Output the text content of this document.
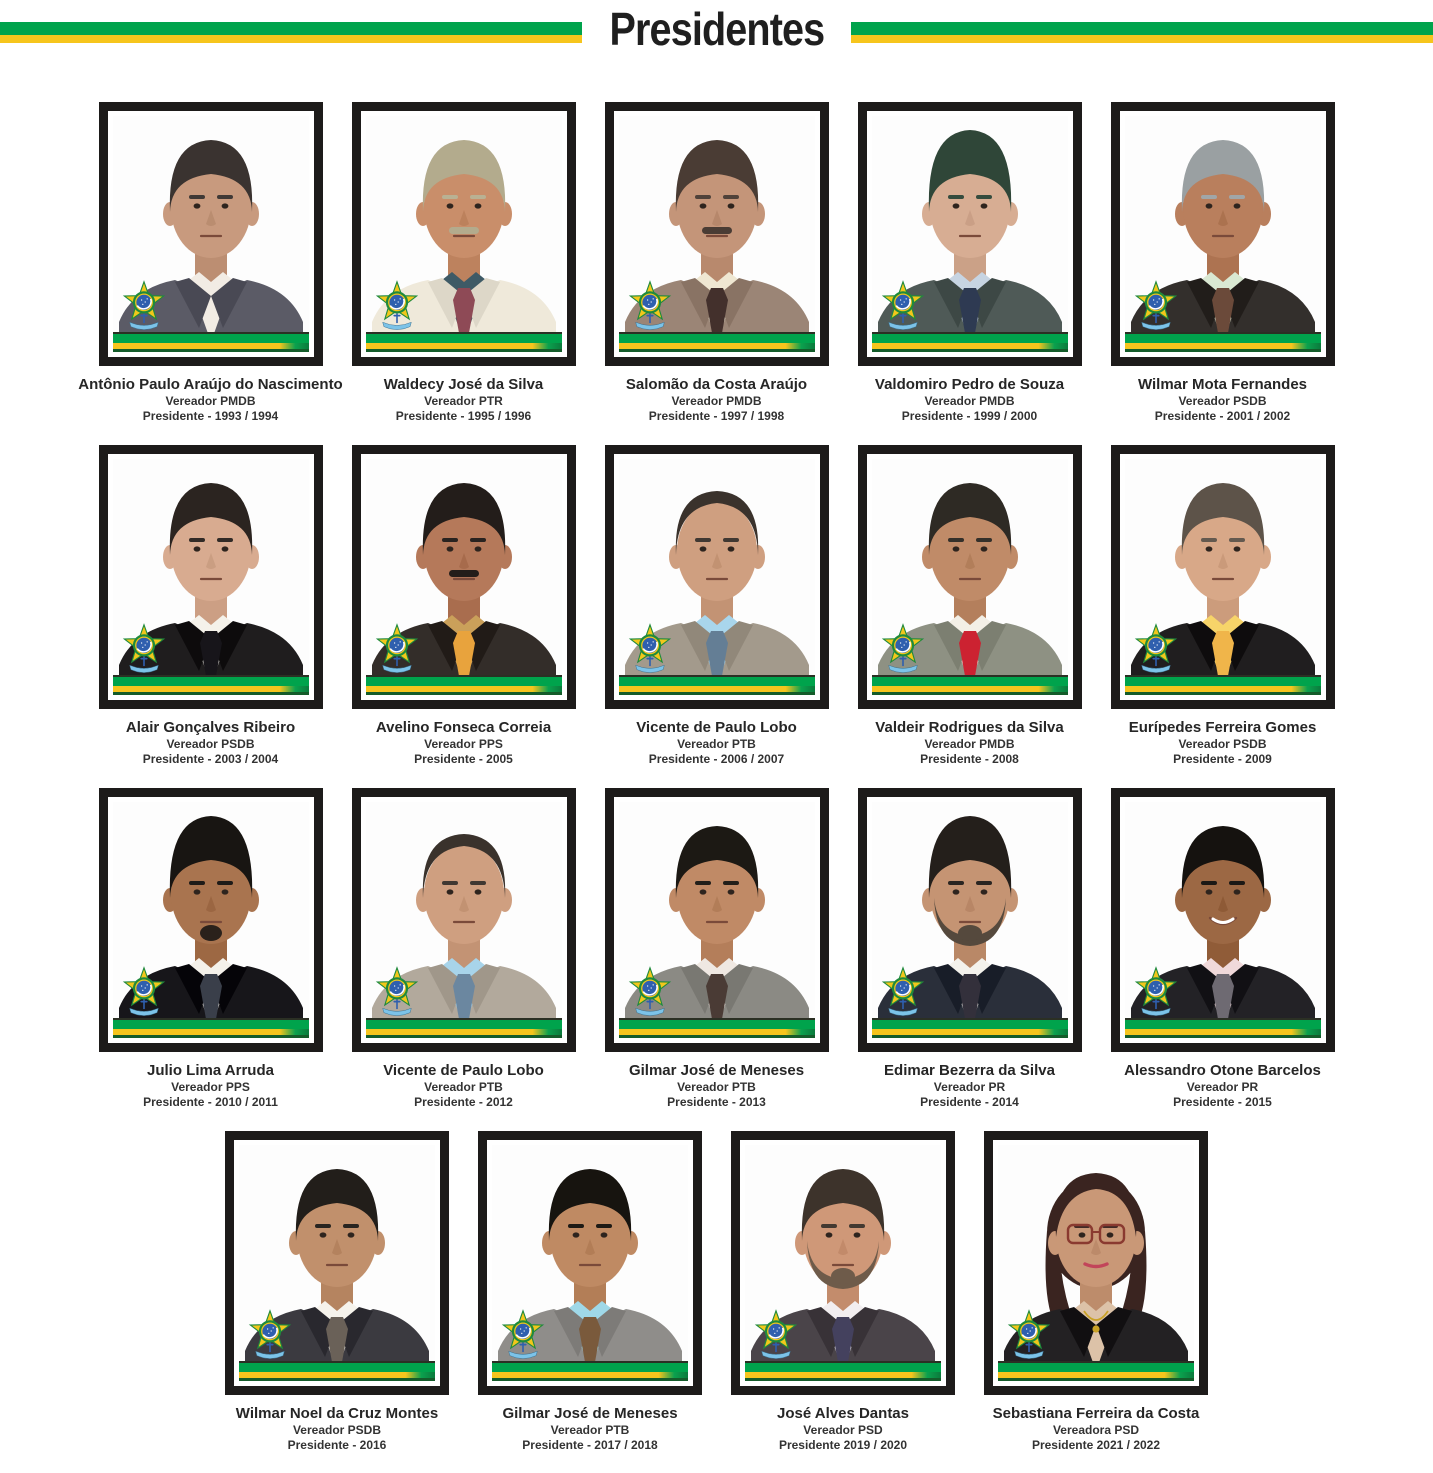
Presidentes
Antônio Paulo Araújo do Nascimento
Vereador PMDB
Presidente - 1993 / 1994
Waldecy José da Silva
Vereador PTR
Presidente - 1995 / 1996
Salomão da Costa Araújo
Vereador PMDB
Presidente - 1997 / 1998
Valdomiro Pedro de Souza
Vereador PMDB
Presidente - 1999 / 2000
Wilmar Mota Fernandes
Vereador PSDB
Presidente - 2001 / 2002
Alair Gonçalves Ribeiro
Vereador PSDB
Presidente - 2003 / 2004
Avelino Fonseca Correia
Vereador PPS
Presidente - 2005
Vicente de Paulo Lobo
Vereador PTB
Presidente - 2006 / 2007
Valdeir Rodrigues da Silva
Vereador PMDB
Presidente - 2008
Eurípedes Ferreira Gomes
Vereador PSDB
Presidente - 2009
Julio Lima Arruda
Vereador PPS
Presidente - 2010 / 2011
Vicente de Paulo Lobo
Vereador PTB
Presidente - 2012
Gilmar José de Meneses
Vereador PTB
Presidente - 2013
Edimar Bezerra da Silva
Vereador PR
Presidente - 2014
Alessandro Otone Barcelos
Vereador PR
Presidente - 2015
Wilmar Noel da Cruz Montes
Vereador PSDB
Presidente - 2016
Gilmar José de Meneses
Vereador PTB
Presidente - 2017 / 2018
José Alves Dantas
Vereador PSD
Presidente 2019 / 2020
Sebastiana Ferreira da Costa
Vereadora PSD
Presidente 2021 / 2022
